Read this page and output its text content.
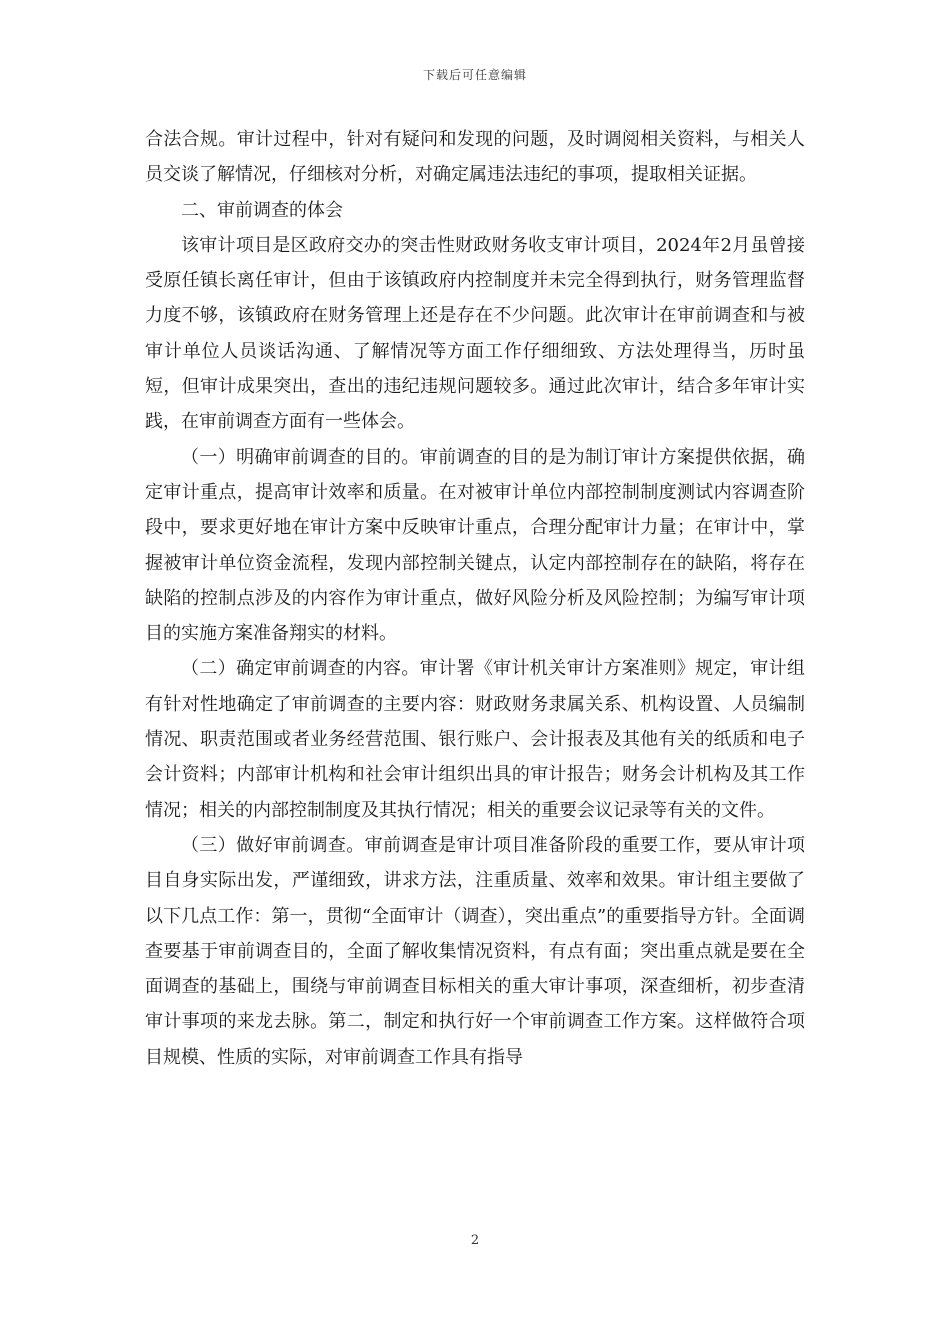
下载后可任意编辑

合法合规。审计过程中，针对有疑问和发现的问题，及时调阅相关资料，与相关人员交谈了解情况，仔细核对分析，对确定属违法违纪的事项，提取相关证据。

二、审前调查的体会

该审计项目是区政府交办的突击性财政财务收支审计项目，2024年2月虽曾接受原任镇长离任审计，但由于该镇政府内控制度并未完全得到执行，财务管理监督力度不够，该镇政府在财务管理上还是存在不少问题。此次审计在审前调查和与被审计单位人员谈话沟通、了解情况等方面工作仔细细致、方法处理得当，历时虽短，但审计成果突出，查出的违纪违规问题较多。通过此次审计，结合多年审计实践，在审前调查方面有一些体会。

（一）明确审前调查的目的。审前调查的目的是为制订审计方案提供依据，确定审计重点，提高审计效率和质量。在对被审计单位内部控制制度测试内容调查阶段中，要求更好地在审计方案中反映审计重点，合理分配审计力量；在审计中，掌握被审计单位资金流程，发现内部控制关键点，认定内部控制存在的缺陷，将存在缺陷的控制点涉及的内容作为审计重点，做好风险分析及风险控制；为编写审计项目的实施方案准备翔实的材料。

（二）确定审前调查的内容。审计署《审计机关审计方案准则》规定，审计组有针对性地确定了审前调查的主要内容：财政财务隶属关系、机构设置、人员编制情况、职责范围或者业务经营范围、银行账户、会计报表及其他有关的纸质和电子会计资料；内部审计机构和社会审计组织出具的审计报告；财务会计机构及其工作情况；相关的内部控制制度及其执行情况；相关的重要会议记录等有关的文件。

（三）做好审前调查。审前调查是审计项目准备阶段的重要工作，要从审计项目自身实际出发，严谨细致，讲求方法，注重质量、效率和效果。审计组主要做了以下几点工作：第一，贯彻“全面审计（调查），突出重点”的重要指导方针。全面调查要基于审前调查目的，全面了解收集情况资料，有点有面；突出重点就是要在全面调查的基础上，围绕与审前调查目标相关的重大审计事项，深查细析，初步查清审计事项的来龙去脉。第二，制定和执行好一个审前调查工作方案。这样做符合项目规模、性质的实际，对审前调查工作具有指导

2
